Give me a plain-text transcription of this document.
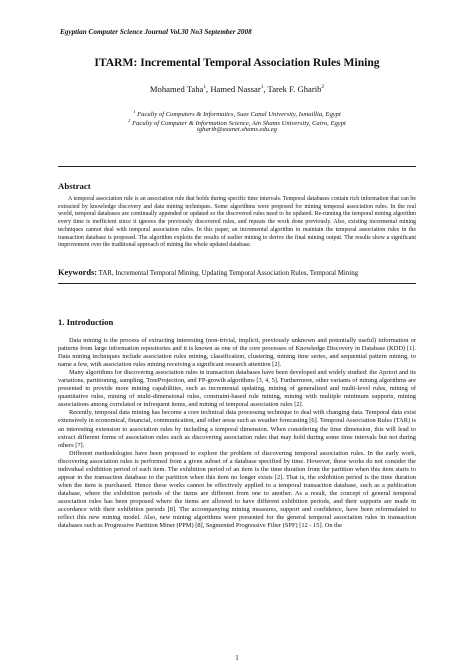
Egyptian Computer Science Journal Vol.30 No3 September 2008
ITARM: Incremental Temporal Association Rules Mining
Mohamed Taha$^1$, Hamed Nassar$^1$, Tarek F. Gharib$^2$
$^1$ Faculty of Computers & Informatics, Suez Canal University, Ismaillia, Egypt
$^2$ Faculty of Computer & Information Science, Ain Shams University, Cairo, Egypt
tgharib@asunet.shams.edu.eg
Abstract

A temporal association rule is an association rule that holds during specific time intervals. Temporal databases contain rich information that can be extracted by knowledge discovery and data mining techniques. Some algorithms were proposed for mining temporal association rules. In the real world, temporal databases are continually appended or updated so the discovered rules need to be updated. Re-running the temporal mining algorithm every time is inefficient since it ignores the previously discovered rules, and repeats the work done previously. Also, existing incremental mining techniques cannot deal with temporal association rules. In this paper, an incremental algorithm to maintain the temporal association rules in the transaction database is proposed. The algorithm exploits the results of earlier mining to derive the final mining output. The results show a significant improvement over the traditional approach of mining the whole updated database.

Keywords: TAR, Incremental Temporal Mining, Updating Temporal Association Rules, Temporal Mining
1. Introduction

Data mining is the process of extracting interesting (non-trivial, implicit, previously unknown and potentially useful) information or patterns from large information repositories and it is known as one of the core processes of Knowledge Discovery in Database (KDD) [1]. Data mining techniques include association rules mining, classification, clustering, mining time series, and sequential pattern mining, to name a few, with association rules mining receiving a significant research attention [2].

Many algorithms for discovering association rules in transaction databases have been developed and widely studied: the Apriori and its variations, partitioning, sampling, TreeProjection, and FP-growth algorithms [3, 4, 5]. Furthermore, other variants of mining algorithms are presented to provide more mining capabilities, such as incremental updating, mining of generalized and multi-level rules, mining of quantitative rules, mining of multi-dimensional rules, constraint-based rule mining, mining with multiple minimum supports, mining associations among correlated or infrequent items, and mining of temporal association rules [2].

Recently, temporal data mining has become a core technical data processing technique to deal with changing data. Temporal data exist extensively in economical, financial, communication, and other areas such as weather forecasting [6]. Temporal Association Rules (TAR) is an interesting extension to association rules by including a temporal dimension. When considering the time dimension, this will lead to extract different forms of association rules such as discovering association rules that may hold during some time intervals but not during others [7].

Different methodologies have been proposed to explore the problem of discovering temporal association rules. In the early work, discovering association rules is performed from a given subset of a database specified by time. However, these works do not consider the individual exhibition period of each item. The exhibition period of an item is the time duration from the partition when this item starts to appear in the transaction database to the partition when this item no longer exists [2]. That is, the exhibition period is the time duration when the item is purchased. Hence these works cannot be effectively applied to a temporal transaction database, such as a publication database, where the exhibition periods of the items are different from one to another. As a result, the concept of general temporal association rules has been proposed where the items are allowed to have different exhibition periods, and their supports are made in accordance with their exhibition periods [8]. The accompanying mining measures, support and confidence, have been reformulated to reflect this new mining model. Also, new mining algorithms were presented for the general temporal association rules in transaction databases such as Progressive Partition Miner (PPM) [8], Segmented Progressive Filter (SPF) [12 - 15]. On the

1
